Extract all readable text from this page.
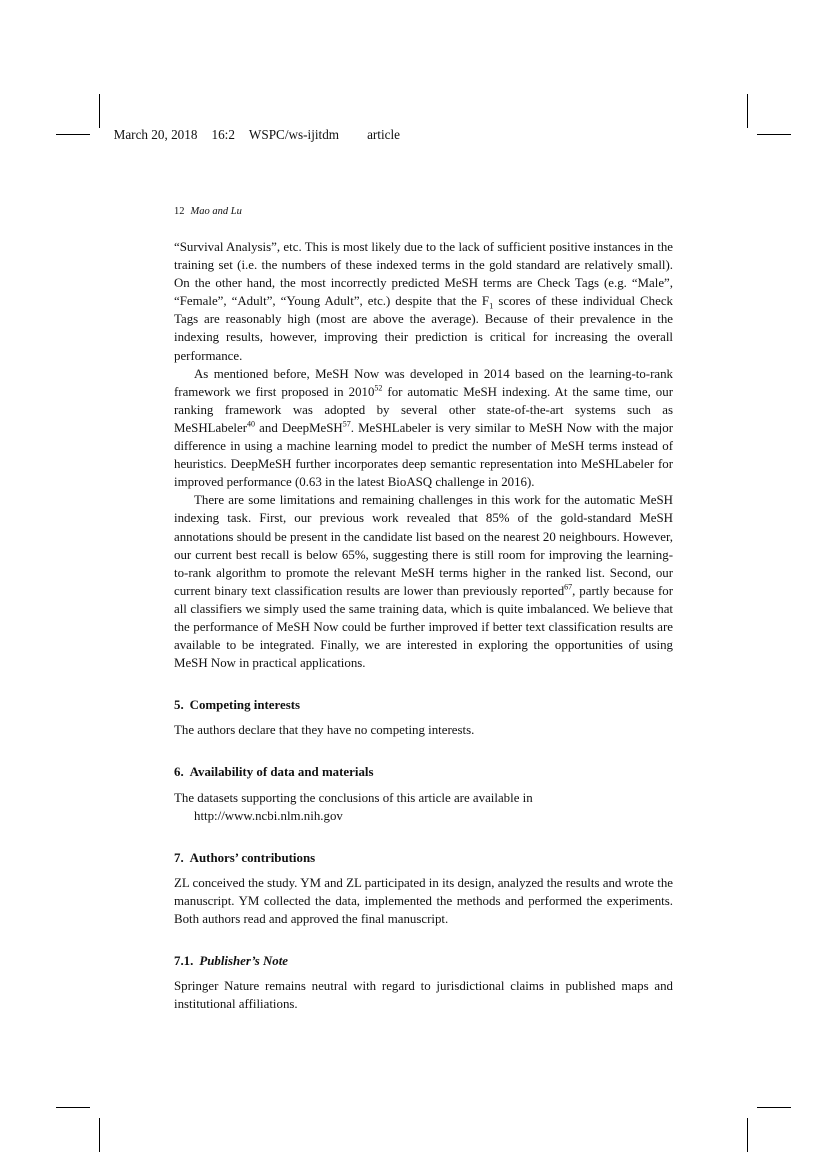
March 20, 2018 16:2 WSPC/ws-ijitdm article

12 Mao and Lu

“Survival Analysis”, etc. This is most likely due to the lack of sufficient positive instances in the training set (i.e. the numbers of these indexed terms in the gold standard are relatively small). On the other hand, the most incorrectly predicted MeSH terms are Check Tags (e.g. “Male”, “Female”, “Adult”, “Young Adult”, etc.) despite that the $F_1$ scores of these individual Check Tags are reasonably high (most are above the average). Because of their prevalence in the indexing results, however, improving their prediction is critical for increasing the overall performance.

As mentioned before, MeSH Now was developed in 2014 based on the learning-to-rank framework we first proposed in 2010$^{52}$ for automatic MeSH indexing. At the same time, our ranking framework was adopted by several other state-of-the-art systems such as MeSHLabeler$^{40}$ and DeepMeSH$^{57}$. MeSHLabeler is very similar to MeSH Now with the major difference in using a machine learning model to predict the number of MeSH terms instead of heuristics. DeepMeSH further incorporates deep semantic representation into MeSHLabeler for improved performance (0.63 in the latest BioASQ challenge in 2016).

There are some limitations and remaining challenges in this work for the automatic MeSH indexing task. First, our previous work revealed that 85% of the gold-standard MeSH annotations should be present in the candidate list based on the nearest 20 neighbours. However, our current best recall is below 65%, suggesting there is still room for improving the learning-to-rank algorithm to promote the relevant MeSH terms higher in the ranked list. Second, our current binary text classification results are lower than previously reported$^{67}$, partly because for all classifiers we simply used the same training data, which is quite imbalanced. We believe that the performance of MeSH Now could be further improved if better text classification results are available to be integrated. Finally, we are interested in exploring the opportunities of using MeSH Now in practical applications.

5. Competing interests

The authors declare that they have no competing interests.

6. Availability of data and materials

The datasets supporting the conclusions of this article are available in

http://www.ncbi.nlm.nih.gov

7. Authors’ contributions

ZL conceived the study. YM and ZL participated in its design, analyzed the results and wrote the manuscript. YM collected the data, implemented the methods and performed the experiments. Both authors read and approved the final manuscript.

7.1. Publisher’s Note

Springer Nature remains neutral with regard to jurisdictional claims in published maps and institutional affiliations.
